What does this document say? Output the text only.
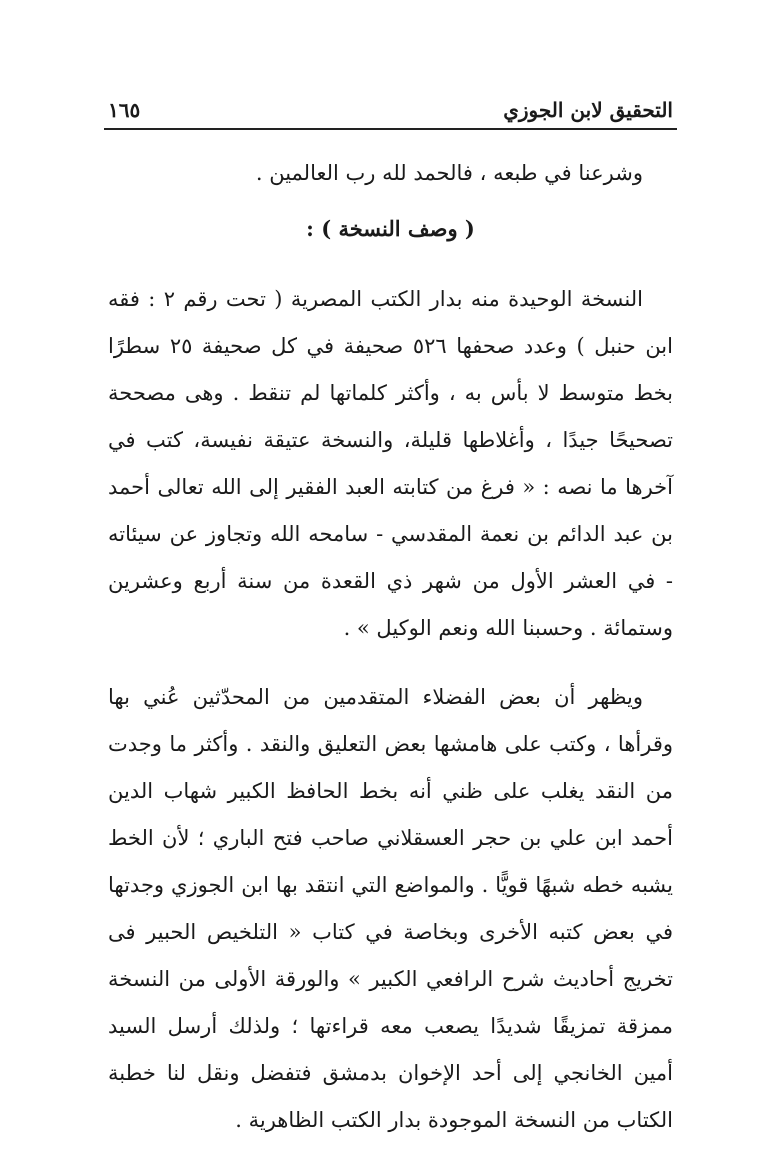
التحقيق لابن الجوزي
١٦٥

وشرعنا في طبعه ، فالحمد لله رب العالمين .

( وصف النسخة ) :

النسخة الوحيدة منه بدار الكتب المصرية ( تحت رقم ٢ : فقه ابن حنبل ) وعدد صحفها ٥٢٦ صحيفة في كل صحيفة ٢٥ سطرًا بخط متوسط لا بأس به ، وأكثر كلماتها لم تنقط . وهى مصححة تصحيحًا جيدًا ، وأغلاطها قليلة، والنسخة عتيقة نفيسة، كتب في آخرها ما نصه : « فرغ من كتابته العبد الفقير إلى الله تعالى أحمد بن عبد الدائم بن نعمة المقدسي - سامحه الله وتجاوز عن سيئاته - في العشر الأول من شهر ذي القعدة من سنة أربع وعشرين وستمائة . وحسبنا الله ونعم الوكيل » .

ويظهر أن بعض الفضلاء المتقدمين من المحدّثين عُني بها وقرأها ، وكتب على هامشها بعض التعليق والنقد . وأكثر ما وجدت من النقد يغلب على ظني أنه بخط الحافظ الكبير شهاب الدين أحمد ابن علي بن حجر العسقلاني صاحب فتح الباري ؛ لأن الخط يشبه خطه شبهًا قويًّا . والمواضع التي انتقد بها ابن الجوزي وجدتها في بعض كتبه الأخرى وبخاصة في كتاب « التلخيص الحبير فى تخريج أحاديث شرح الرافعي الكبير » والورقة الأولى من النسخة ممزقة تمزيقًا شديدًا يصعب معه قراءتها ؛ ولذلك أرسل السيد أمين الخانجي إلى أحد الإخوان بدمشق فتفضل ونقل لنا خطبة الكتاب من النسخة الموجودة بدار الكتب الظاهرية .
